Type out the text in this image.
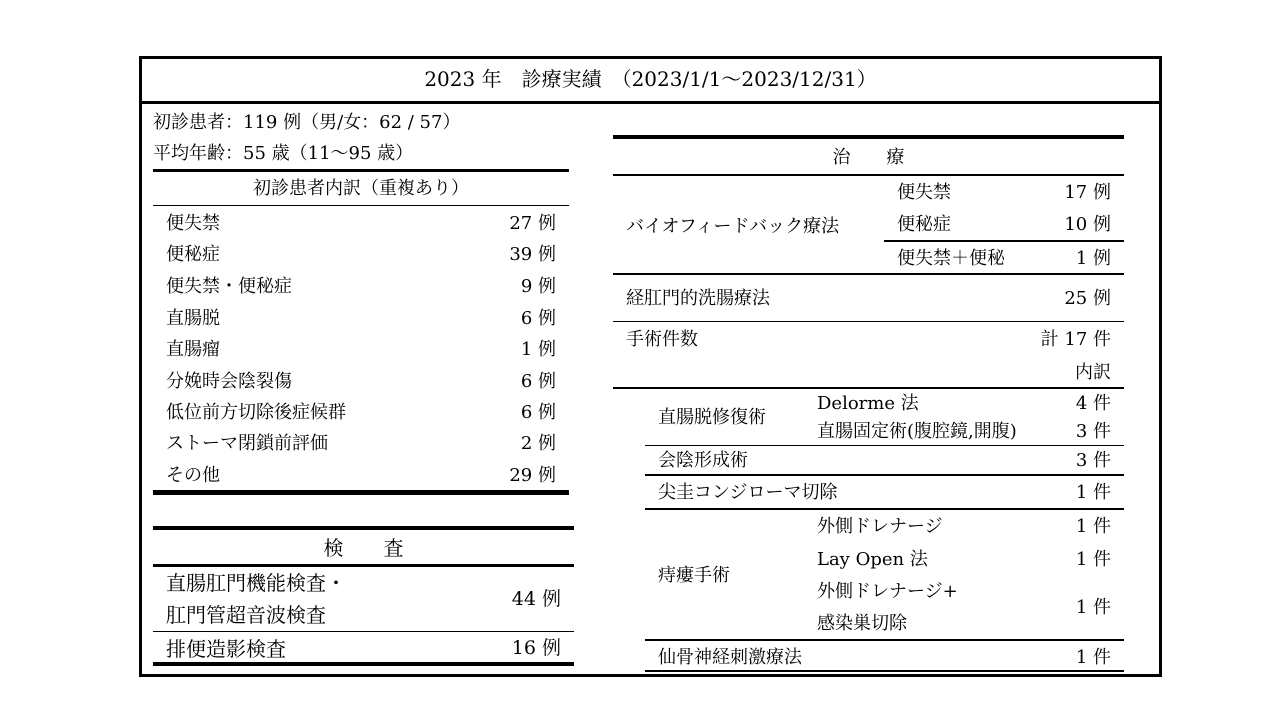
2023 年　診療実績　（2023/1/1～2023/12/31）
初診患者：119 例（男/女：62 / 57）
平均年齢：55 歳（11～95 歳）
初診患者内訳（重複あり）
便失禁	27 例
便秘症	39 例
便失禁・便秘症	9 例
直腸脱	6 例
直腸瘤	1 例
分娩時会陰裂傷	6 例
低位前方切除後症候群	6 例
ストーマ閉鎖前評価	2 例
その他	29 例
検　　査
直腸肛門機能検査・
肛門管超音波検査
44 例
排便造影検査	16 例
治　　療
バイオフィードバック療法
便失禁	17 例
便秘症	10 例
便失禁＋便秘	1 例
経肛門的洗腸療法	25 例
手術件数	計 17 件
内訳
直腸脱修復術
Delorme 法	4 件
直腸固定術(腹腔鏡,開腹)	3 件
会陰形成術	3 件
尖圭コンジローマ切除	1 件
痔瘻手術
外側ドレナージ	1 件
Lay Open 法	1 件
外側ドレナージ+
感染巣切除
1 件
仙骨神経刺激療法	1 件
